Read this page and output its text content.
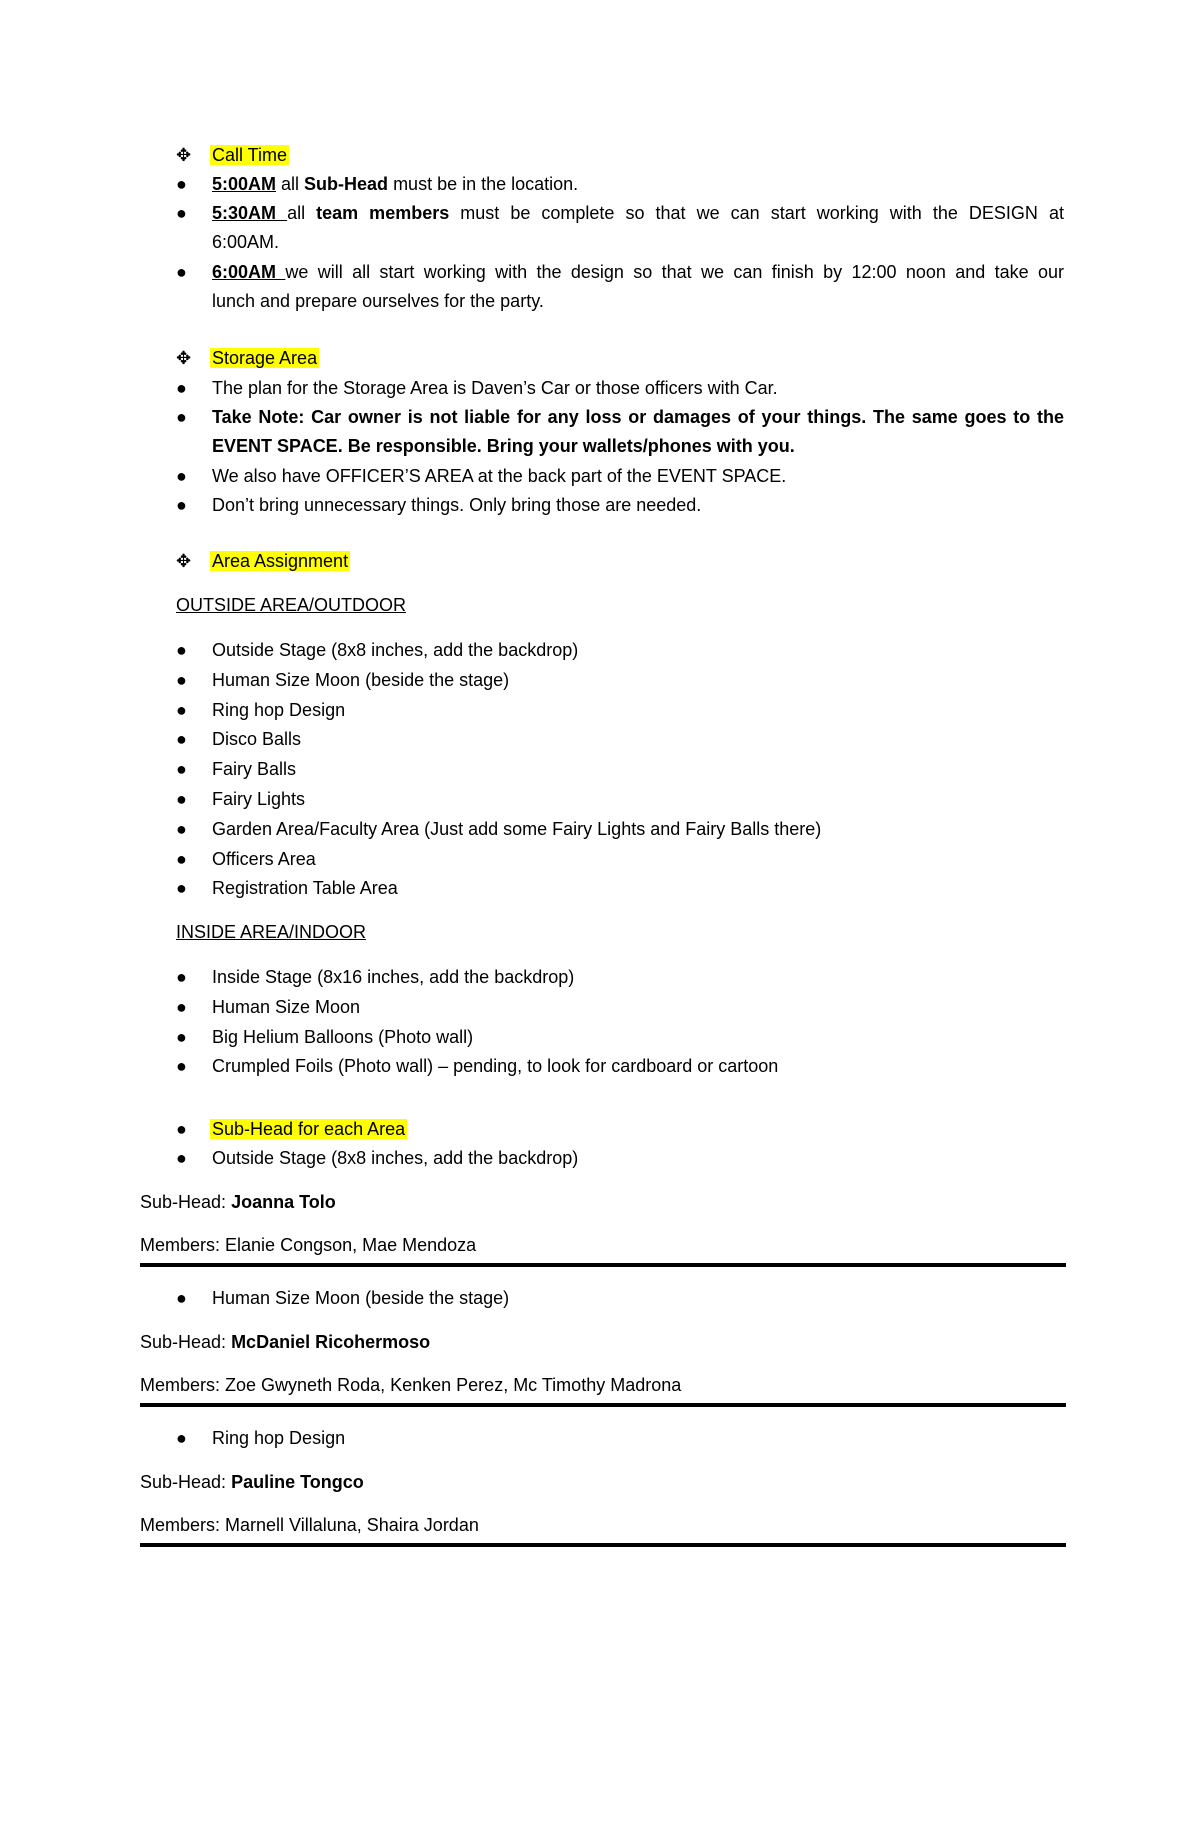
✥ Call Time
● 5:00AM all Sub-Head must be in the location.
● 5:30AM all team members must be complete so that we can start working with the DESIGN at
6:00AM.
● 6:00AM we will all start working with the design so that we can finish by 12:00 noon and take our
lunch and prepare ourselves for the party.
✥ Storage Area
● The plan for the Storage Area is Daven’s Car or those officers with Car.
● Take Note: Car owner is not liable for any loss or damages of your things. The same goes to the
EVENT SPACE. Be responsible. Bring your wallets/phones with you.
● We also have OFFICER’S AREA at the back part of the EVENT SPACE.
● Don’t bring unnecessary things. Only bring those are needed.
✥ Area Assignment
OUTSIDE AREA/OUTDOOR
● Outside Stage (8x8 inches, add the backdrop)
● Human Size Moon (beside the stage)
● Ring hop Design
● Disco Balls
● Fairy Balls
● Fairy Lights
● Garden Area/Faculty Area (Just add some Fairy Lights and Fairy Balls there)
● Officers Area
● Registration Table Area
INSIDE AREA/INDOOR
● Inside Stage (8x16 inches, add the backdrop)
● Human Size Moon
● Big Helium Balloons (Photo wall)
● Crumpled Foils (Photo wall) – pending, to look for cardboard or cartoon
● Sub-Head for each Area
● Outside Stage (8x8 inches, add the backdrop)
Sub-Head: Joanna Tolo
Members: Elanie Congson, Mae Mendoza
● Human Size Moon (beside the stage)
Sub-Head: McDaniel Ricohermoso
Members: Zoe Gwyneth Roda, Kenken Perez, Mc Timothy Madrona
● Ring hop Design
Sub-Head: Pauline Tongco
Members: Marnell Villaluna, Shaira Jordan
